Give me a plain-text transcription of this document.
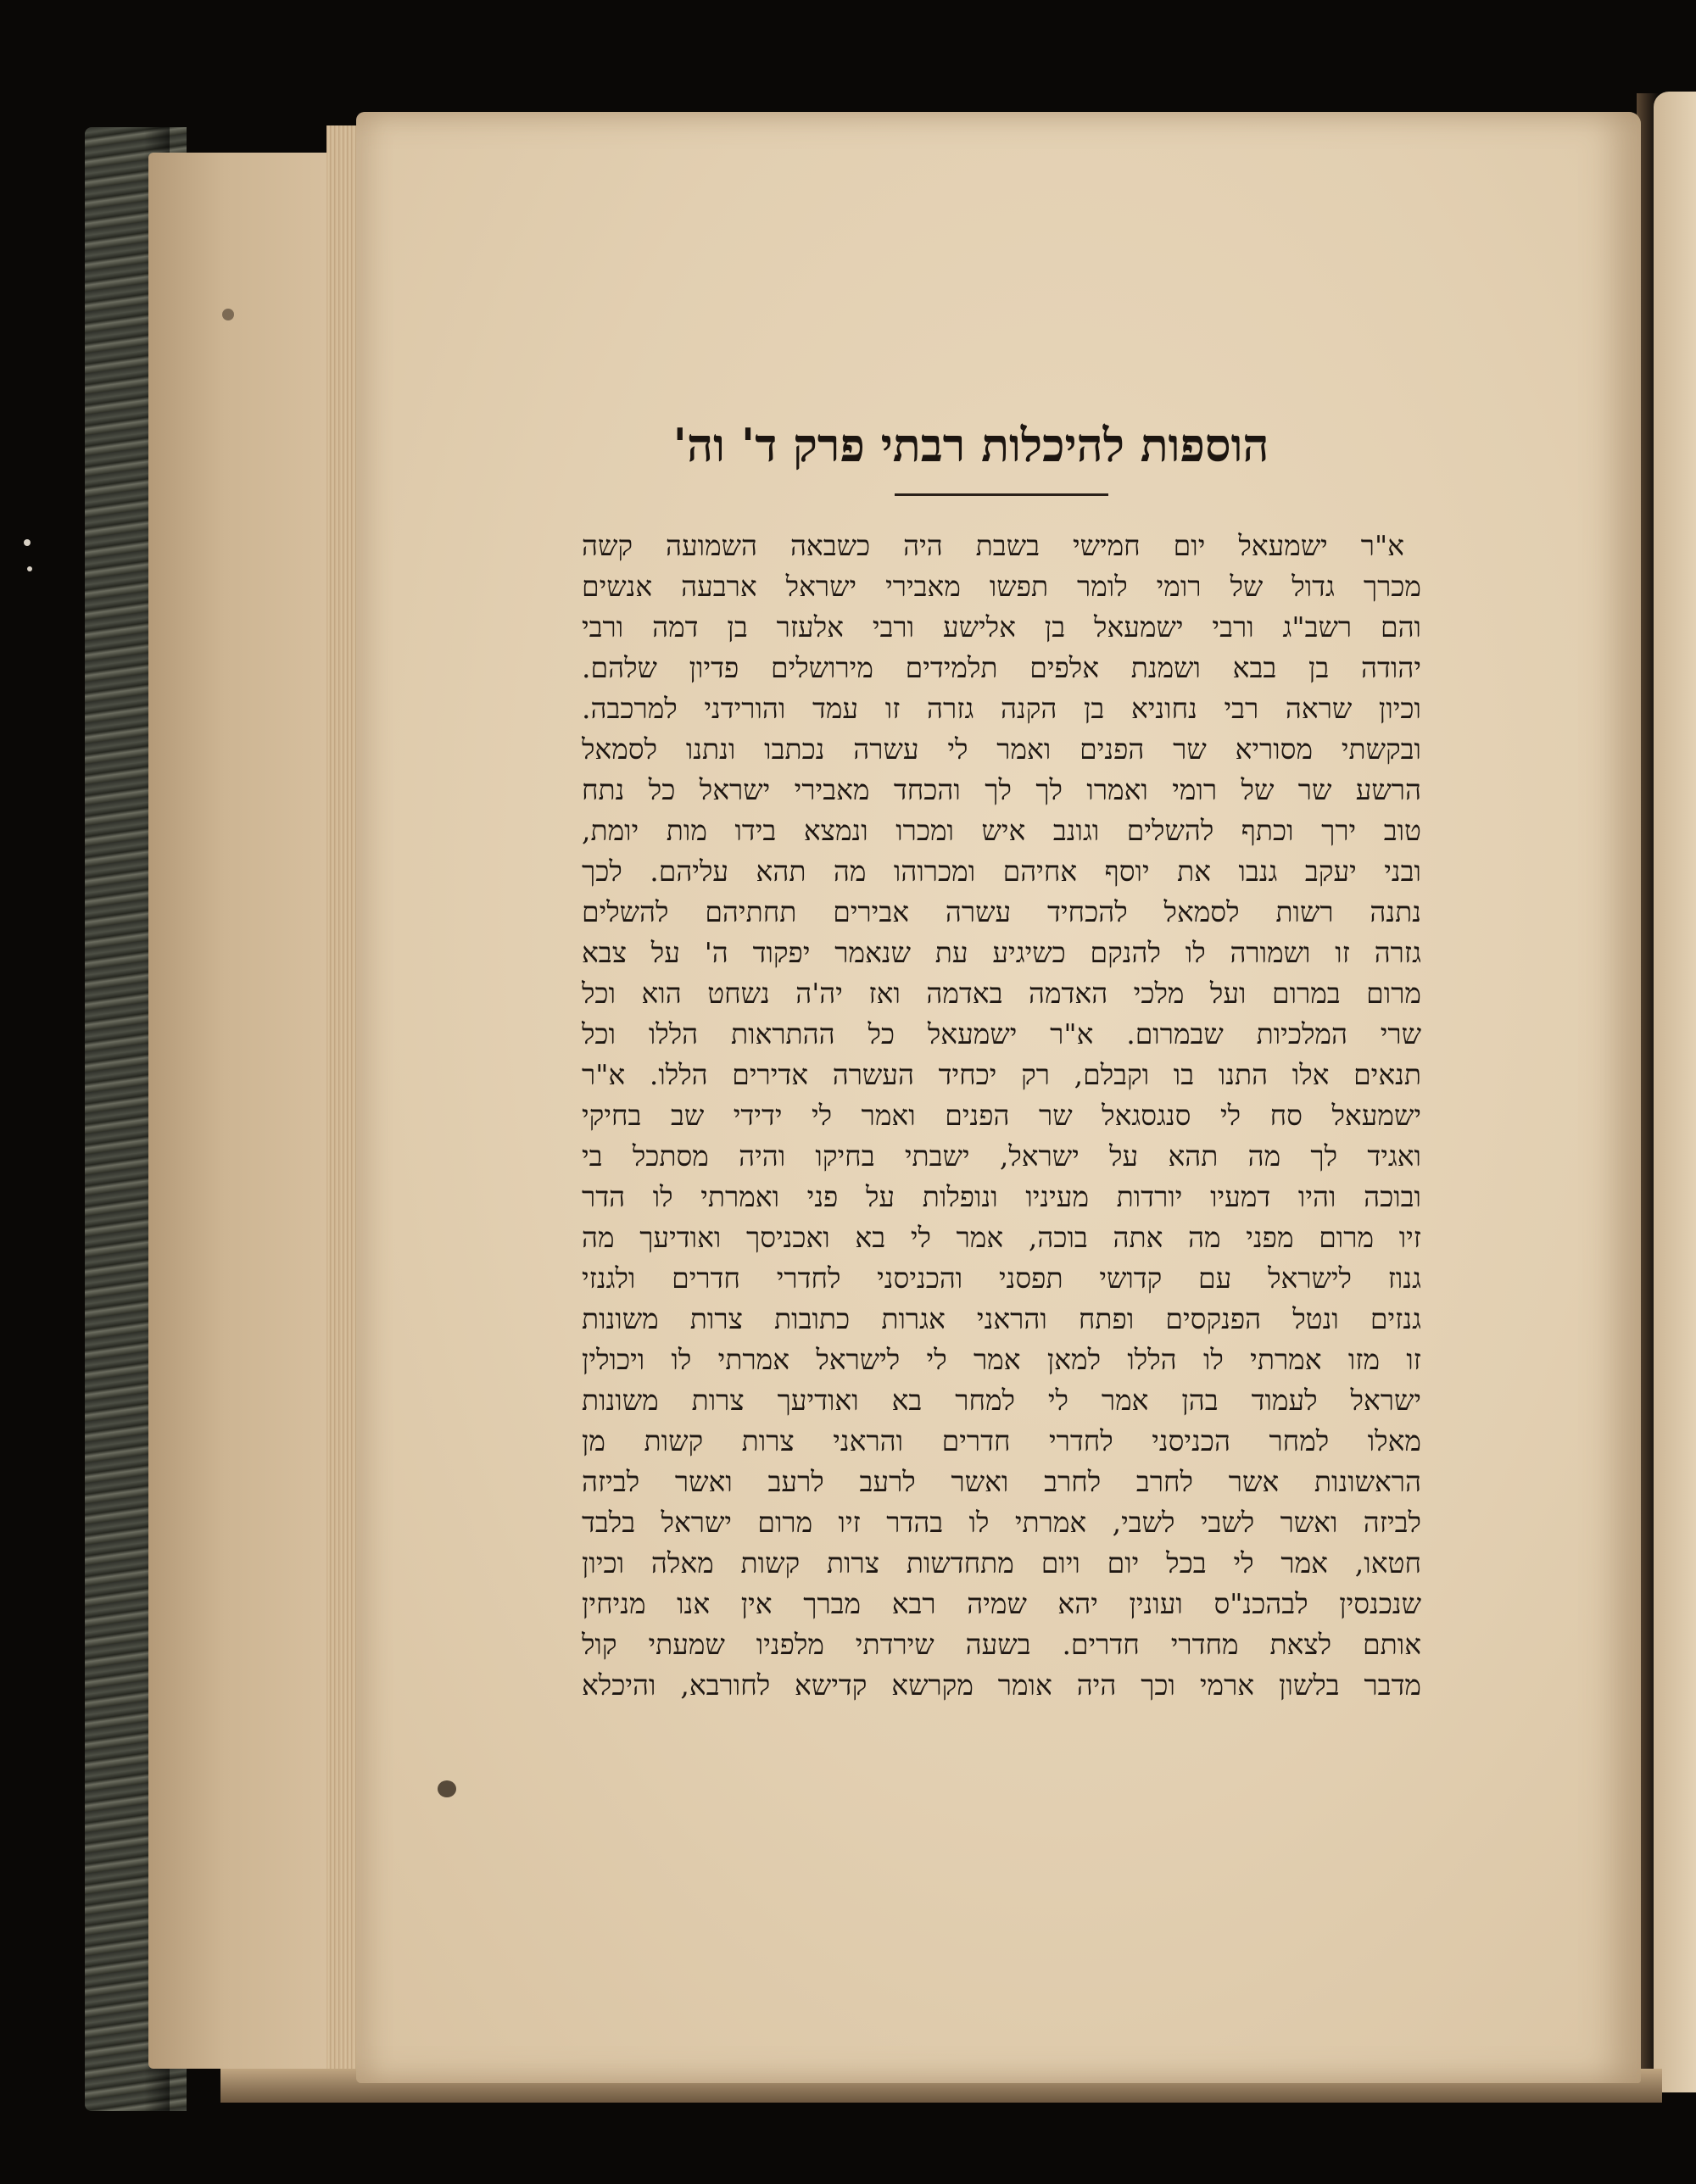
הוספות להיכלות רבתי פרק ד' וה'
א"ר ישמעאל יום חמישי בשבת היה כשבאה השמועה קשה
מכרך גדול של רומי לומר תפשו מאבירי ישראל ארבעה אנשים
והם רשב"ג ורבי ישמעאל בן אלישע ורבי אלעזר בן דמה ורבי
יהודה בן בבא ושמנת אלפים תלמידים מירושלים פדיון שלהם.
וכיון שראה רבי נחוניא בן הקנה גזרה זו עמד והורידני למרכבה.
ובקשתי מסוריא שר הפנים ואמר לי עשרה נכתבו ונתנו לסמאל
הרשע שר של רומי ואמרו לך לך והכחד מאבירי ישראל כל נתח
טוב ירך וכתף להשלים וגונב איש ומכרו ונמצא בידו מות יומת,
ובני יעקב גנבו את יוסף אחיהם ומכרוהו מה תהא עליהם. לכך
נתנה רשות לסמאל להכחיד עשרה אבירים תחתיהם להשלים
גזרה זו ושמורה לו להנקם כשיגיע עת שנאמר יפקוד ה' על צבא
מרום במרום ועל מלכי האדמה באדמה ואז יה'ה נשחט הוא וכל
שרי המלכיות שבמרום. א"ר ישמעאל כל ההתראות הללו וכל
תנאים אלו התנו בו וקבלם, רק יכחיד העשרה אדירים הללו. א"ר
ישמעאל סח לי סנגסגאל שר הפנים ואמר לי ידידי שב בחיקי
ואגיד לך מה תהא על ישראל, ישבתי בחיקו והיה מסתכל בי
ובוכה והיו דמעיו יורדות מעיניו ונופלות על פני ואמרתי לו הדר
זיו מרום מפני מה אתה בוכה, אמר לי בא ואכניסך ואודיעך מה
גנוז לישראל עם קדושי תפסני והכניסני לחדרי חדרים ולגנזי
גנזים ונטל הפנקסים ופתח והראני אגרות כתובות צרות משונות
זו מזו אמרתי לו הללו למאן אמר לי לישראל אמרתי לו ויכולין
ישראל לעמוד בהן אמר לי למחר בא ואודיעך צרות משונות
מאלו למחר הכניסני לחדרי חדרים והראני צרות קשות מן
הראשונות אשר לחרב לחרב ואשר לרעב לרעב ואשר לביזה
לביזה ואשר לשבי לשבי, אמרתי לו בהדר זיו מרום ישראל בלבד
חטאו, אמר לי בכל יום ויום מתחדשות צרות קשות מאלה וכיון
שנכנסין לבהכנ"ס ועונין יהא שמיה רבא מברך אין אנו מניחין
אותם לצאת מחדרי חדרים. בשעה שירדתי מלפניו שמעתי קול
מדבר בלשון ארמי וכך היה אומר מקרשא קדישא לחורבא, והיכלא
